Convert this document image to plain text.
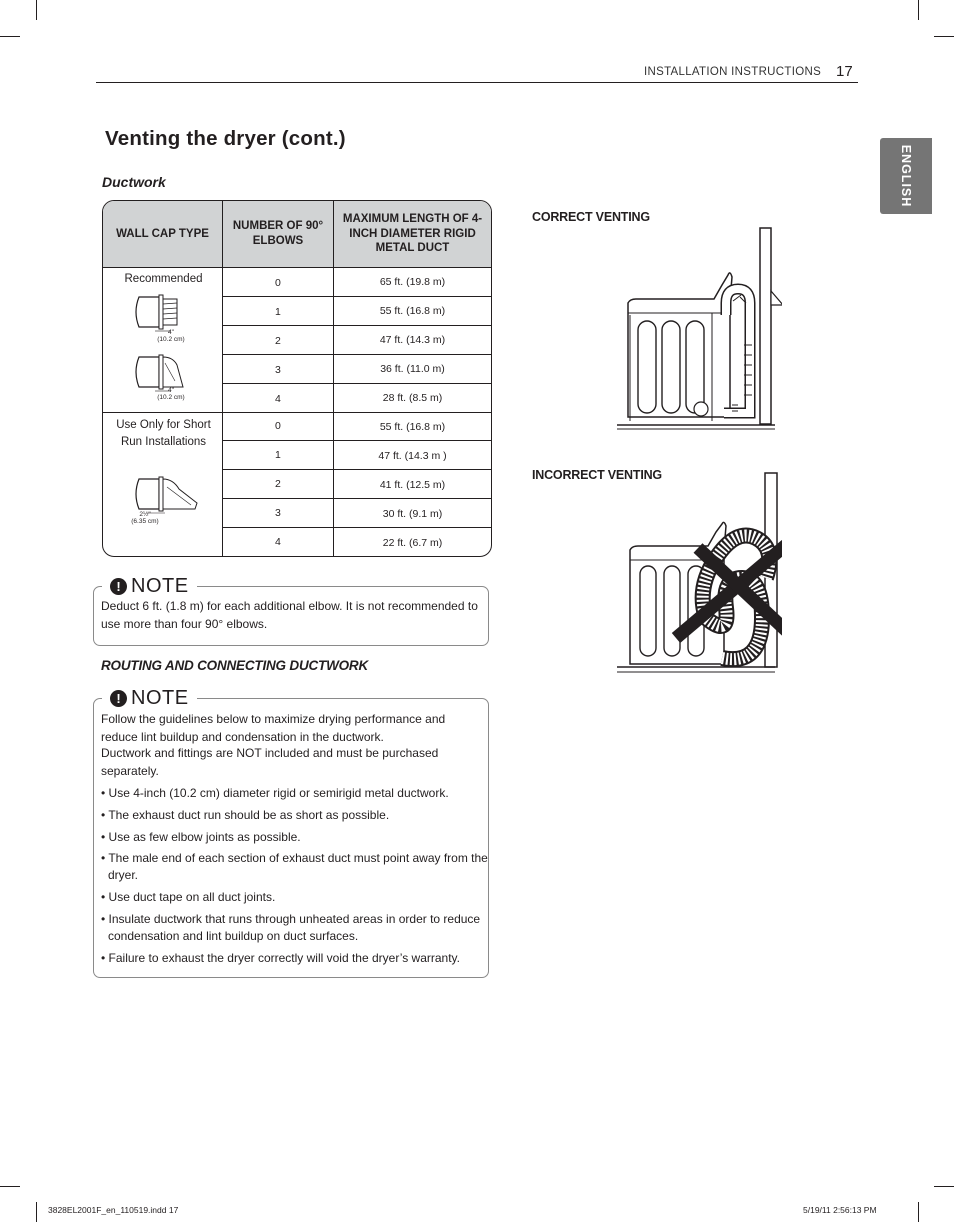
INSTALLATION INSTRUCTIONS 17
ENGLISH
Venting the dryer (cont.)
Ductwork
WALL CAP TYPE
NUMBER OF 90° ELBOWS
MAXIMUM LENGTH OF 4-INCH DIAMETER RIGID METAL DUCT
Recommended
4"
(10.2 cm)
4"
(10.2 cm)
0
1
2
3
4
65 ft. (19.8 m)
55 ft. (16.8 m)
47 ft. (14.3 m)
36 ft. (11.0 m)
28 ft. (8.5 m)
Use Only for Short Run Installations
2½"
(6.35 cm)
0
1
2
3
4
55 ft. (16.8 m)
47 ft. (14.3 m )
41 ft. (12.5 m)
30 ft. (9.1 m)
22 ft. (6.7 m)
! NOTE
Deduct 6 ft. (1.8 m) for each additional elbow. It is not recommended to use more than four 90° elbows.
ROUTING AND CONNECTING DUCTWORK
! NOTE
Follow the guidelines below to maximize drying performance and reduce lint buildup and condensation in the ductwork.
Ductwork and fittings are NOT included and must be purchased separately.
• Use 4-inch (10.2 cm) diameter rigid or semirigid metal ductwork.
• The exhaust duct run should be as short as possible.
• Use as few elbow joints as possible.
• The male end of each section of exhaust duct must point away from the dryer.
• Use duct tape on all duct joints.
• Insulate ductwork that runs through unheated areas in order to reduce condensation and lint buildup on duct surfaces.
• Failure to exhaust the dryer correctly will void the dryer’s warranty.
CORRECT VENTING
INCORRECT VENTING
3828EL2001F_en_110519.indd 17	5/19/11 2:56:13 PM
